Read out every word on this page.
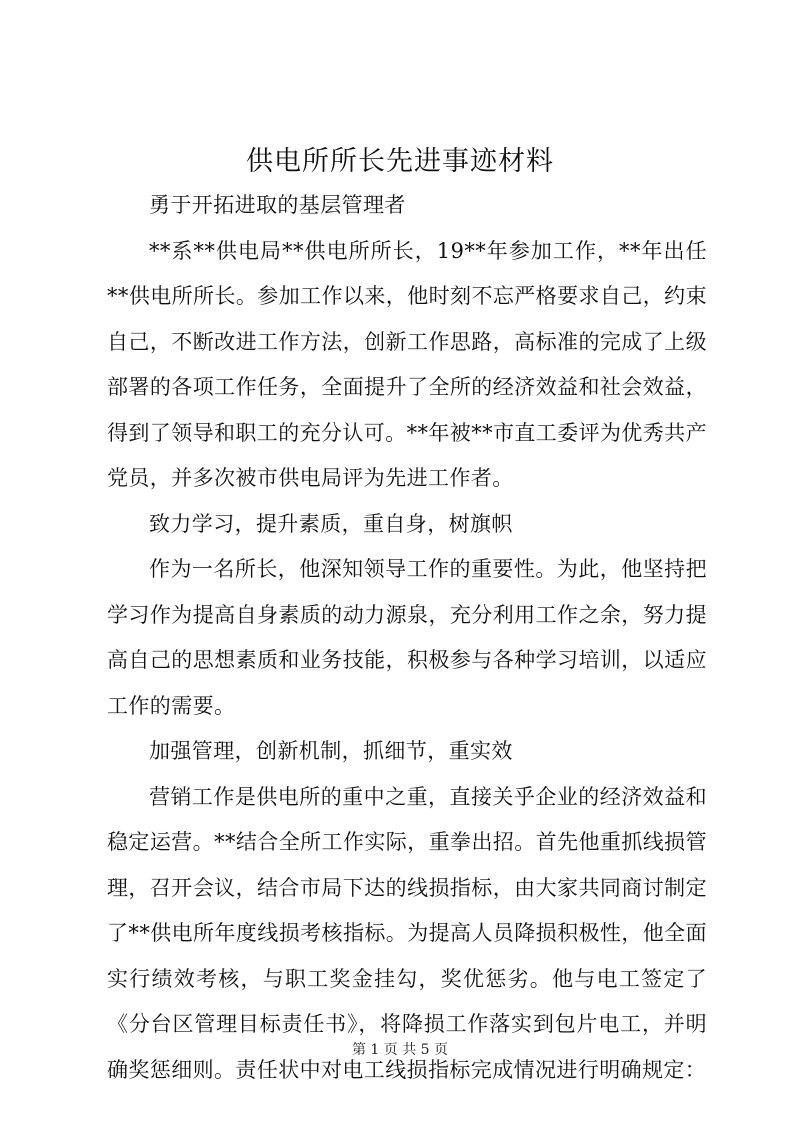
供电所所长先进事迹材料

勇于开拓进取的基层管理者

**系**供电局**供电所所长，19**年参加工作，**年出任**供电所所长。参加工作以来，他时刻不忘严格要求自己，约束自己，不断改进工作方法，创新工作思路，高标准的完成了上级部署的各项工作任务，全面提升了全所的经济效益和社会效益，得到了领导和职工的充分认可。**年被**市直工委评为优秀共产党员，并多次被市供电局评为先进工作者。

致力学习，提升素质，重自身，树旗帜

作为一名所长，他深知领导工作的重要性。为此，他坚持把学习作为提高自身素质的动力源泉，充分利用工作之余，努力提高自己的思想素质和业务技能，积极参与各种学习培训，以适应工作的需要。

加强管理，创新机制，抓细节，重实效

营销工作是供电所的重中之重，直接关乎企业的经济效益和稳定运营。**结合全所工作实际，重拳出招。首先他重抓线损管理，召开会议，结合市局下达的线损指标，由大家共同商讨制定了**供电所年度线损考核指标。为提高人员降损积极性，他全面实行绩效考核，与职工奖金挂勾，奖优惩劣。他与电工签定了《分台区管理目标责任书》，将降损工作落实到包片电工，并明确奖惩细则。责任状中对电工线损指标完成情况进行明确规定：

第 1 页 共 5 页
